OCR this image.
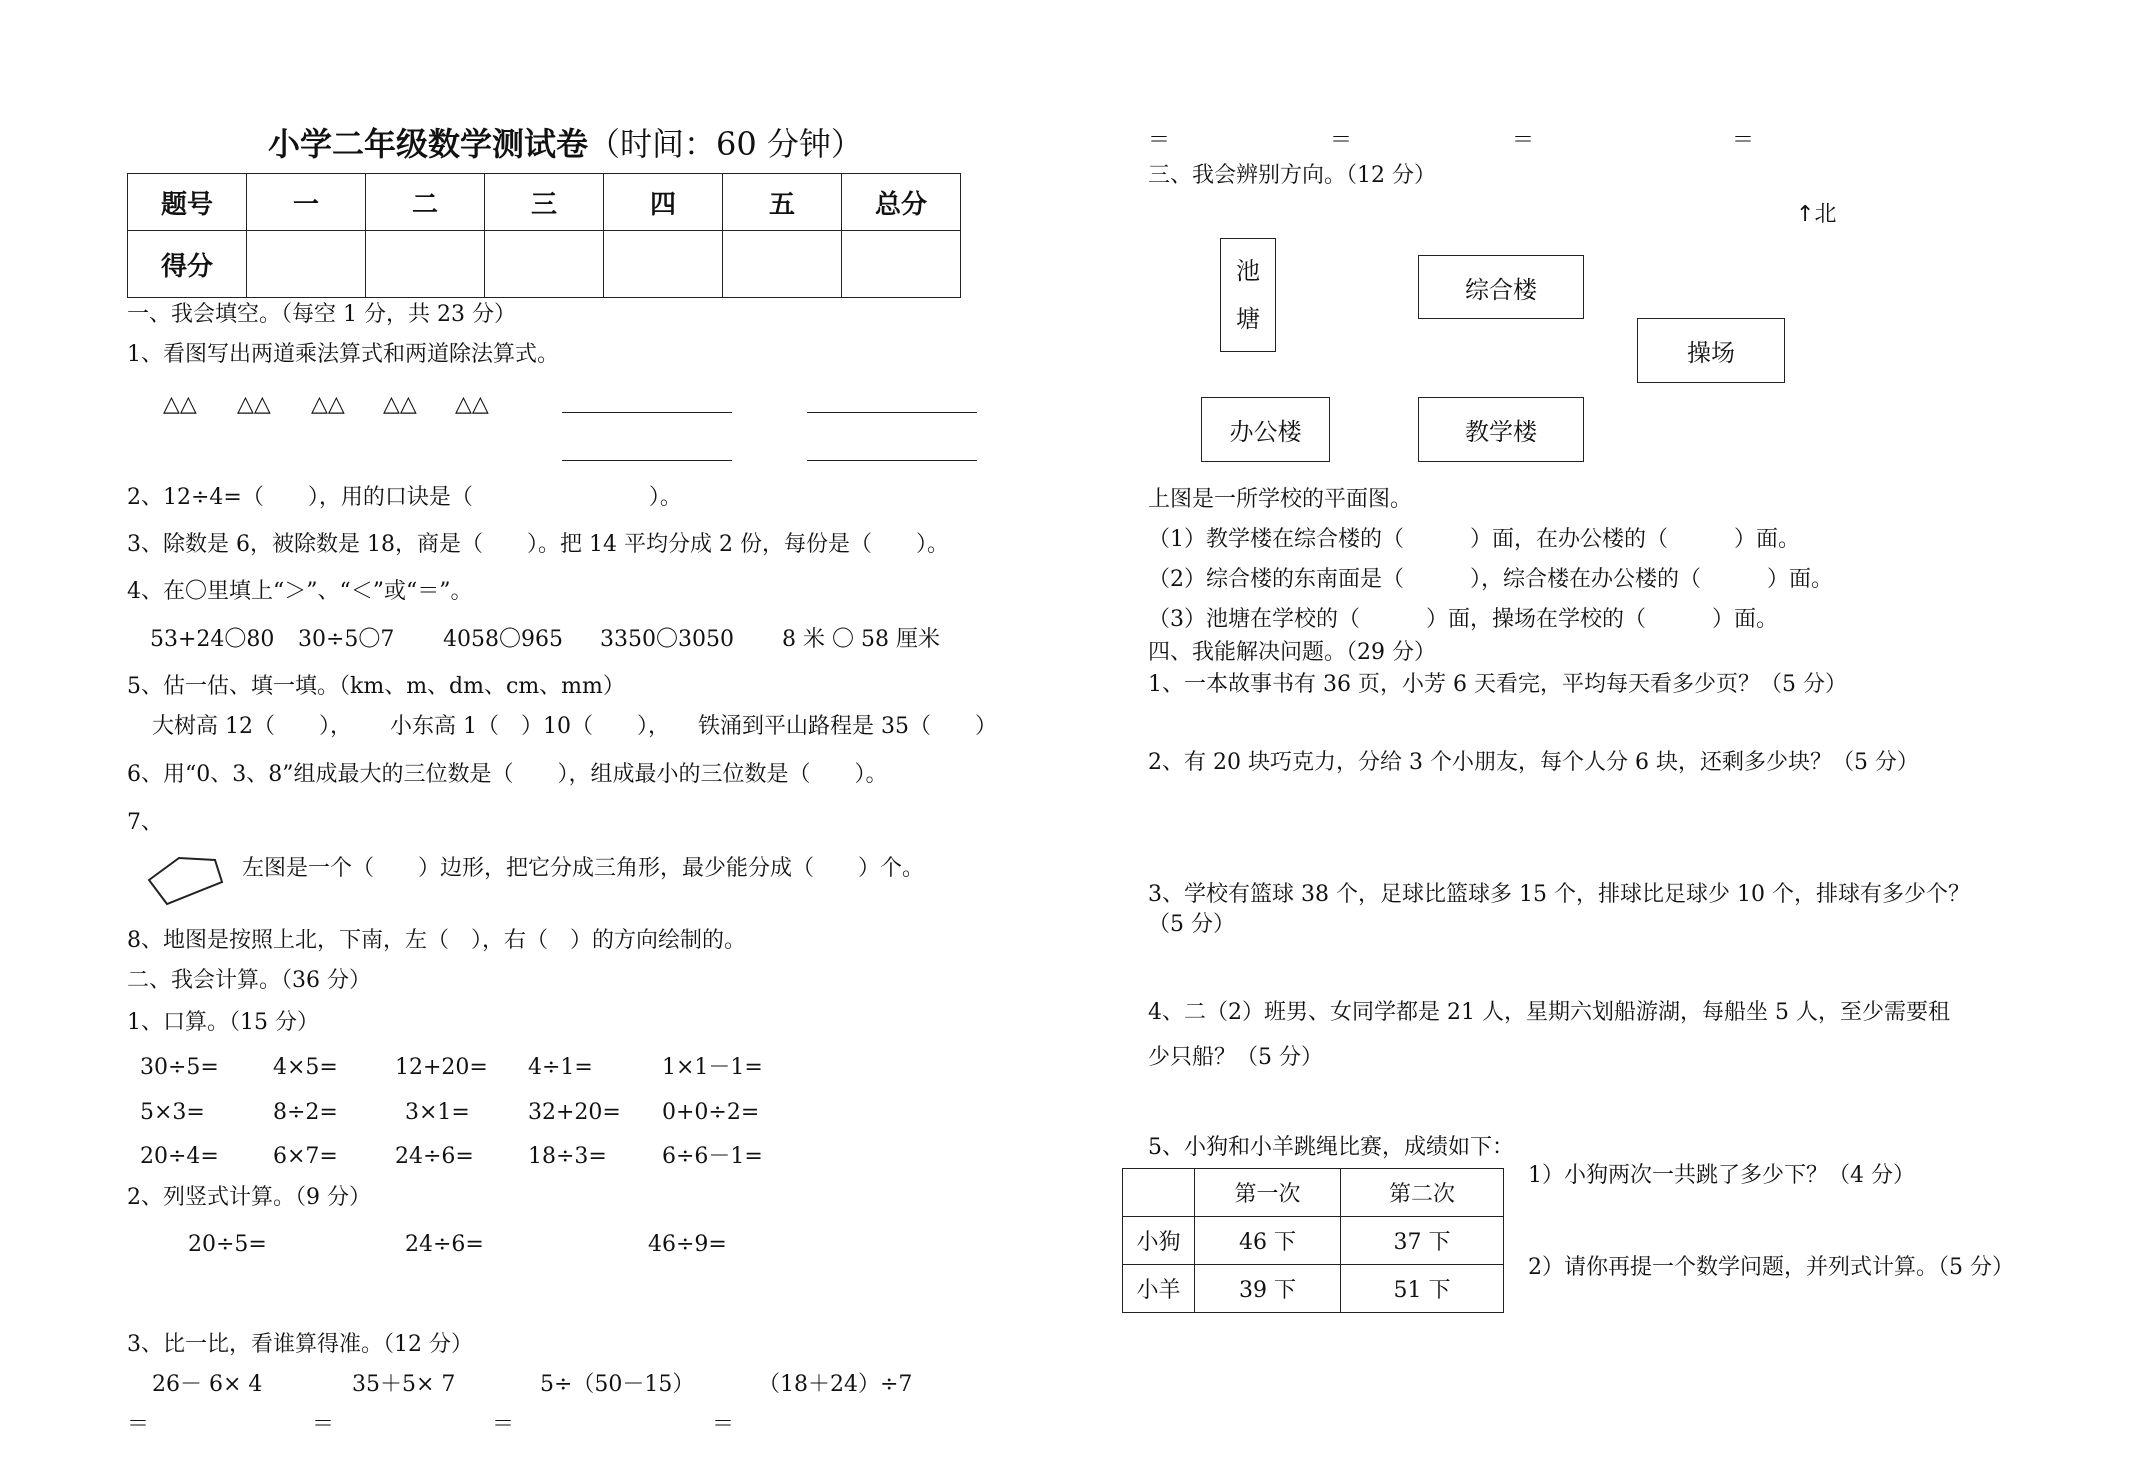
小学二年级数学测试卷（时间：60 分钟）
题号	一	二	三	四	五	总分
得分						
一、我会填空。（每空 1 分，共 23 分）
1、看图写出两道乘法算式和两道除法算式。
△△ △△ △△ △△ △△
2、12÷4=（　　），用的口诀是（　　　　　　　　）。
3、除数是 6，被除数是 18，商是（　　）。把 14 平均分成 2 份，每份是（　　）。
4、在〇里填上“＞”、“＜”或“＝”。
53+24〇80 30÷5〇7 4058〇965 3350〇3050 8 米 〇 58 厘米
5、估一估、填一填。（km、m、dm、cm、mm）
大树高 12（　　）， 小东高 1（　）10（　　）， 铁涌到平山路程是 35（　　）
6、用“0、3、8”组成最大的三位数是（　　），组成最小的三位数是（　　）。
7、
左图是一个（　　）边形，把它分成三角形，最少能分成（　　）个。
8、地图是按照上北，下南，左（　），右（　）的方向绘制的。
二、我会计算。（36 分）
1、口算。（15 分）
30÷5= 4×5=	12+20= 4÷1=	1×1－1=
5×3=	8÷2=	3×1=	32+20= 0+0÷2=
20÷4= 6×7=	24÷6= 18÷3=	6÷6－1=
2、列竖式计算。（9 分）
20÷5=	24÷6=	46÷9=
3、比一比，看谁算得准。（12 分）
26－ 6× 4	35＋5× 7	5÷（50－15）	（18＋24）÷7
＝	＝	＝	＝
＝	＝	＝	＝
三、我会辨别方向。（12 分）
↑北
池
塘
综合楼
操场
办公楼	教学楼
上图是一所学校的平面图。
（1）教学楼在综合楼的（　　　）面，在办公楼的（　　　）面。
（2）综合楼的东南面是（　　　），综合楼在办公楼的（　　　）面。
（3）池塘在学校的（　　　）面，操场在学校的（　　　）面。
四、我能解决问题。（29 分）
1、一本故事书有 36 页，小芳 6 天看完，平均每天看多少页？（5 分）
2、有 20 块巧克力，分给 3 个小朋友，每个人分 6 块，还剩多少块？（5 分）
3、学校有篮球 38 个，足球比篮球多 15 个，排球比足球少 10 个，排球有多少个？
（5 分）
4、二（2）班男、女同学都是 21 人，星期六划船游湖，每船坐 5 人，至少需要租
少只船？（5 分）
5、小狗和小羊跳绳比赛，成绩如下：
	第一次	第二次
小狗	46 下	37 下
小羊	39 下	51 下
1）小狗两次一共跳了多少下？（4 分）
2）请你再提一个数学问题，并列式计算。（5 分）
